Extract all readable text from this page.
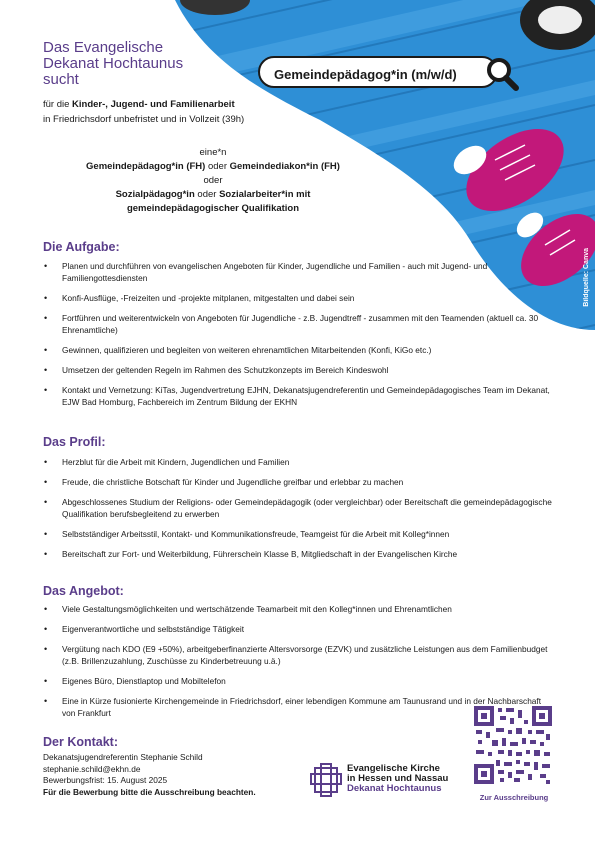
Das Evangelische
Dekanat Hochtaunus
sucht	Gemeindepädagog*in (m/w/d)
Bildquelle: Canva
für die Kinder-, Jugend- und Familienarbeit
in Friedrichsdorf unbefristet und in Vollzeit (39h)
eine*n
Gemeindepädagog*in (FH) oder Gemeindediakon*in (FH)
oder
Sozialpädagog*in oder Sozialarbeiter*in mit
gemeindepädagogischer Qualifikation
Die Aufgabe:
• Planen und durchführen von evangelischen Angeboten für Kinder, Jugendliche und Familien - auch mit Jugend- und Familiengottesdiensten
• Konfi-Ausflüge, -Freizeiten und -projekte mitplanen, mitgestalten und dabei sein
• Fortführen und weiterentwickeln von Angeboten für Jugendliche - z.B. Jugendtreff - zusammen mit den Teamenden (aktuell ca. 30 Ehrenamtliche)
• Gewinnen, qualifizieren und begleiten von weiteren ehrenamtlichen Mitarbeitenden (Konfi, KiGo etc.)
• Umsetzen der geltenden Regeln im Rahmen des Schutzkonzepts im Bereich Kindeswohl
• Kontakt und Vernetzung: KiTas, Jugendvertretung EJHN, Dekanatsjugendreferentin und Gemeindepädagogisches Team im Dekanat, EJW Bad Homburg, Fachbereich im Zentrum Bildung der EKHN
Das Profil:
• Herzblut für die Arbeit mit Kindern, Jugendlichen und Familien
• Freude, die christliche Botschaft für Kinder und Jugendliche greifbar und erlebbar zu machen
• Abgeschlossenes Studium der Religions- oder Gemeindepädagogik (oder vergleichbar) oder Bereitschaft die gemeindepädagogische Qualifikation berufsbegleitend zu erwerben
• Selbstständiger Arbeitsstil, Kontakt- und Kommunikationsfreude, Teamgeist für die Arbeit mit Kolleg*innen
• Bereitschaft zur Fort- und Weiterbildung, Führerschein Klasse B, Mitgliedschaft in der Evangelischen Kirche
Das Angebot:
• Viele Gestaltungsmöglichkeiten und wertschätzende Teamarbeit mit den Kolleg*innen und Ehrenamtlichen
• Eigenverantwortliche und selbstständige Tätigkeit
• Vergütung nach KDO (E9 +50%), arbeitgeberfinanzierte Altersvorsorge (EZVK) und zusätzliche Leistungen aus dem Familienbudget (z.B. Brillenzuzahlung, Zuschüsse zu Kinderbetreuung u.ä.)
• Eigenes Büro, Dienstlaptop und Mobiltelefon
• Eine in Kürze fusionierte Kirchengemeinde in Friedrichsdorf, einer lebendigen Kommune am Taunusrand und in der Nachbarschaft von Frankfurt
Der Kontakt:
Dekanatsjugendreferentin Stephanie Schild
stephanie.schild@ekhn.de
Bewerbungsfrist: 15. August 2025
Für die Bewerbung bitte die Ausschreibung beachten.
Evangelische Kirche
in Hessen und Nassau
Dekanat Hochtaunus
Zur Ausschreibung
